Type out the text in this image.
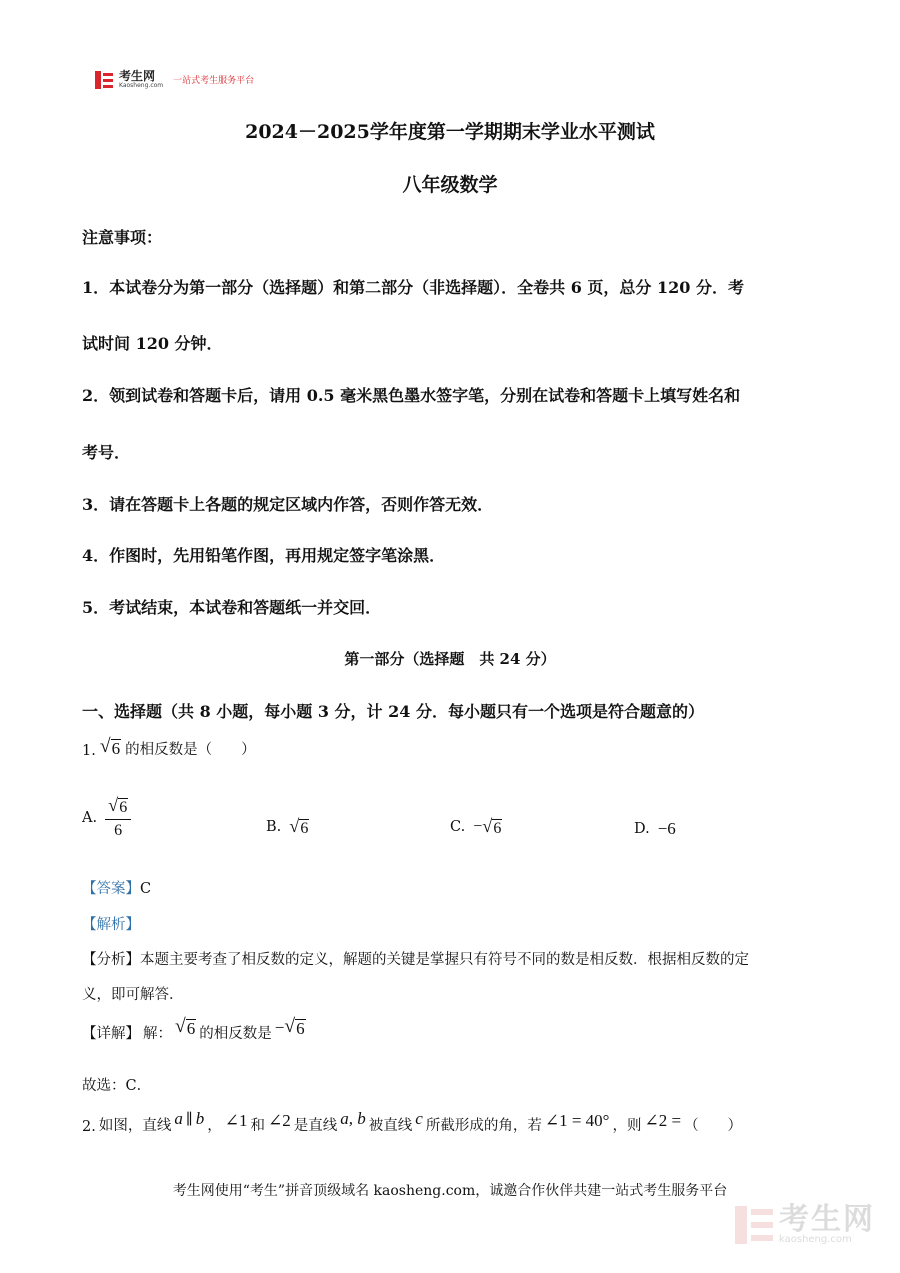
考生网
Kaosheng.com 一站式考生服务平台
2024－2025学年度第一学期期末学业水平测试
八年级数学
注意事项：
1．本试卷分为第一部分（选择题）和第二部分（非选择题）．全卷共 6 页，总分 120 分．考
试时间 120 分钟．
2．领到试卷和答题卡后，请用 0.5 毫米黑色墨水签字笔，分别在试卷和答题卡上填写姓名和
考号．
3．请在答题卡上各题的规定区域内作答，否则作答无效．
4．作图时，先用铅笔作图，再用规定签字笔涂黑．
5．考试结束，本试卷和答题纸一并交回．
第一部分（选择题　共 24 分）
一、选择题（共 8 小题，每小题 3 分，计 24 分．每小题只有一个选项是符合题意的）
1. √ 6 的相反数是（　　）
A. $\frac{√ 6}{6}$	B. √ 6	C. − √ 6	D. −6
【答案】C
【解析】
【分析】本题主要考查了相反数的定义，解题的关键是掌握只有符号不同的数是相反数．根据相反数的定
义，即可解答．
【详解】 解： √ 6 的相反数是 − √ 6
故选：C．
2. 如图，直线 a ∥ b ， ∠1 和 ∠2 是直线 a, b 被直线 c 所截形成的角，若 ∠1 = 40° ，则 ∠2 = （　　）
考生网使用“考生”拼音顶级域名 kaosheng.com，诚邀合作伙伴共建一站式考生服务平台
考生网
kaosheng.com
